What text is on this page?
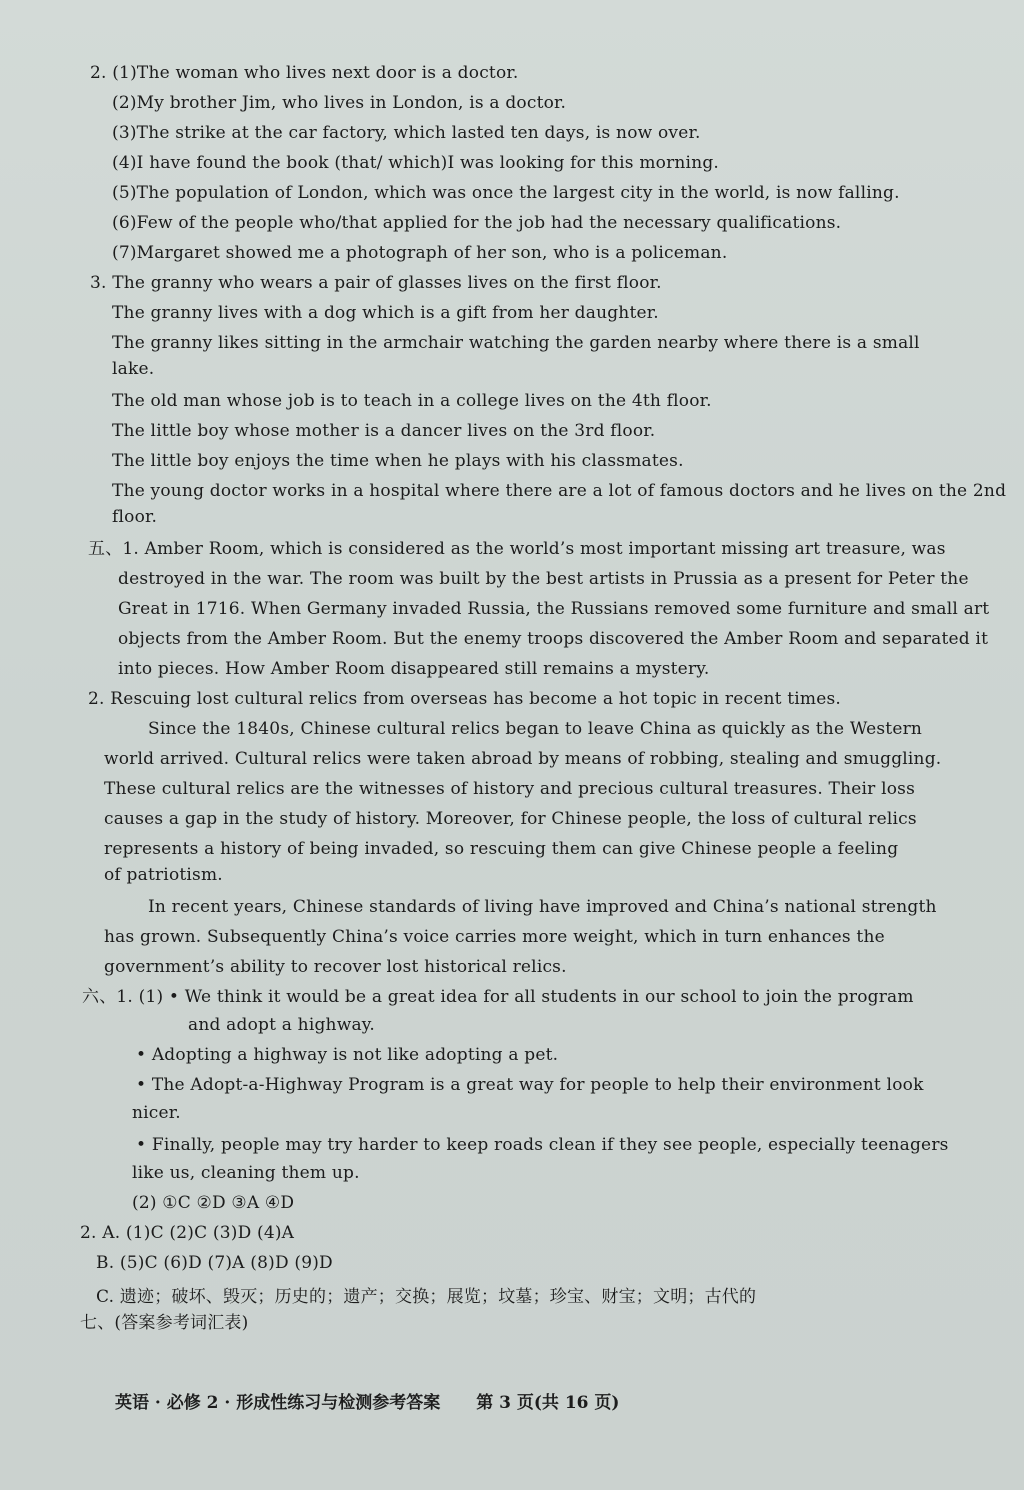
2. (1)The woman who lives next door is a doctor.
(2)My brother Jim, who lives in London, is a doctor.
(3)The strike at the car factory, which lasted ten days, is now over.
(4)I have found the book (that/ which)I was looking for this morning.
(5)The population of London, which was once the largest city in the world, is now falling.
(6)Few of the people who/that applied for the job had the necessary qualifications.
(7)Margaret showed me a photograph of her son, who is a policeman.
3. The granny who wears a pair of glasses lives on the first floor.
The granny lives with a dog which is a gift from her daughter.
The granny likes sitting in the armchair watching the garden nearby where there is a small
lake.
The old man whose job is to teach in a college lives on the 4th floor.
The little boy whose mother is a dancer lives on the 3rd floor.
The little boy enjoys the time when he plays with his classmates.
The young doctor works in a hospital where there are a lot of famous doctors and he lives on the 2nd
floor.
五、1. Amber Room, which is considered as the world’s most important missing art treasure, was
destroyed in the war. The room was built by the best artists in Prussia as a present for Peter the
Great in 1716. When Germany invaded Russia, the Russians removed some furniture and small art
objects from the Amber Room. But the enemy troops discovered the Amber Room and separated it
into pieces. How Amber Room disappeared still remains a mystery.
2. Rescuing lost cultural relics from overseas has become a hot topic in recent times.
Since the 1840s, Chinese cultural relics began to leave China as quickly as the Western
world arrived. Cultural relics were taken abroad by means of robbing, stealing and smuggling.
These cultural relics are the witnesses of history and precious cultural treasures. Their loss
causes a gap in the study of history. Moreover, for Chinese people, the loss of cultural relics
represents a history of being invaded, so rescuing them can give Chinese people a feeling
of patriotism.
In recent years, Chinese standards of living have improved and China’s national strength
has grown. Subsequently China’s voice carries more weight, which in turn enhances the
government’s ability to recover lost historical relics.
六、1. (1) • We think it would be a great idea for all students in our school to join the program
and adopt a highway.
• Adopting a highway is not like adopting a pet.
• The Adopt-a-Highway Program is a great way for people to help their environment look
nicer.
• Finally, people may try harder to keep roads clean if they see people, especially teenagers
like us, cleaning them up.
(2) ①C ②D ③A ④D
2. A. (1)C (2)C (3)D (4)A
B. (5)C (6)D (7)A (8)D (9)D
C. 遗迹；破坏、毁灭；历史的；遗产；交换；展览；坟墓；珍宝、财宝；文明；古代的
七、(答案参考词汇表)
英语 · 必修 2 · 形成性练习与检测参考答案 第 3 页(共 16 页)
